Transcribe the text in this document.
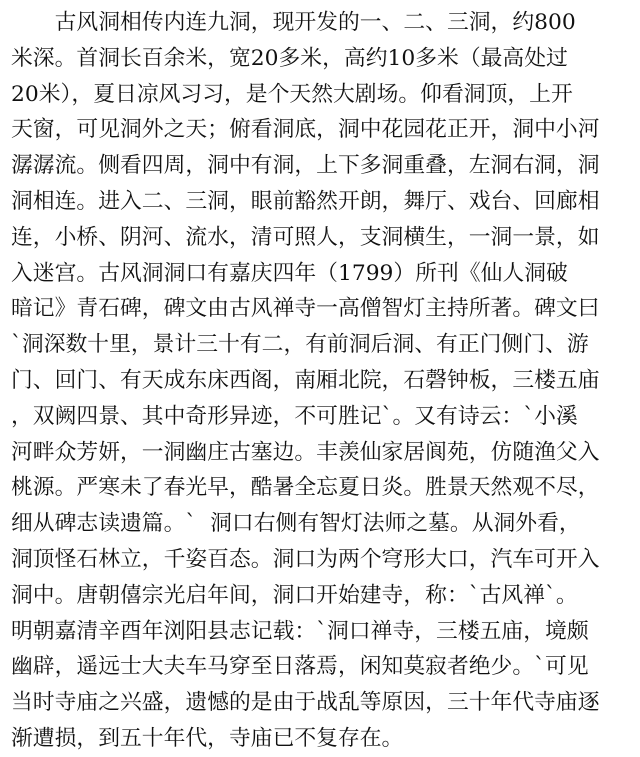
　　古风洞相传内连九洞，现开发的一、二、三洞，约800
米深。首洞长百余米，宽20多米，高约10多米（最高处过
20米），夏日凉风习习，是个天然大剧场。仰看洞顶，上开
天窗，可见洞外之天；俯看洞底，洞中花园花正开，洞中小河
潺潺流。侧看四周，洞中有洞，上下多洞重叠，左洞右洞，洞
洞相连。进入二、三洞，眼前豁然开朗，舞厅、戏台、回廊相
连，小桥、阴河、流水，清可照人，支洞横生，一洞一景，如
入迷宫。古风洞洞口有嘉庆四年（1799）所刊《仙人洞破
暗记》青石碑，碑文由古风禅寺一高僧智灯主持所著。碑文曰
`洞深数十里，景计三十有二，有前洞后洞、有正门侧门、游
门、回门、有天成东床西阁，南厢北院，石磬钟板，三楼五庙
，双阙四景、其中奇形异迹，不可胜记`。又有诗云：`小溪
河畔众芳妍，一洞幽庄古塞边。丰羡仙家居阆苑，仿随渔父入
桃源。严寒未了春光早，酷暑全忘夏日炎。胜景天然观不尽，
细从碑志读遗篇。`  洞口右侧有智灯法师之墓。从洞外看，
洞顶怪石林立，千姿百态。洞口为两个穹形大口，汽车可开入
洞中。唐朝僖宗光启年间，洞口开始建寺，称：`古风禅`。
明朝嘉清辛酉年浏阳县志记载：`洞口禅寺，三楼五庙，境颇
幽辟，遥远士大夫车马穿至日落焉，闲知莫寂者绝少。`可见
当时寺庙之兴盛，遗憾的是由于战乱等原因，三十年代寺庙逐
渐遭损，到五十年代，寺庙已不复存在。
